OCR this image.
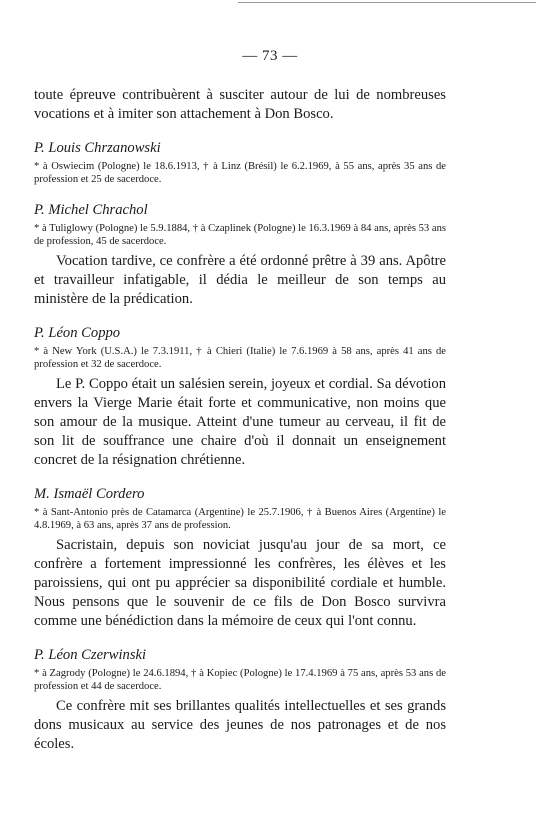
— 73 —

toute épreuve contribuèrent à susciter autour de lui de nombreuses vocations et à imiter son attachement à Don Bosco.

P. Louis Chrzanowski

* à Oswiecim (Pologne) le 18.6.1913, † à Linz (Brésil) le 6.2.1969, à 55 ans, après 35 ans de profession et 25 de sacerdoce.

P. Michel Chrachol

* à Tuliglowy (Pologne) le 5.9.1884, † à Czaplinek (Pologne) le 16.3.1969 à 84 ans, après 53 ans de profession, 45 de sacerdoce.

Vocation tardive, ce confrère a été ordonné prêtre à 39 ans. Apôtre et travailleur infatigable, il dédia le meilleur de son temps au ministère de la prédication.

P. Léon Coppo

* à New York (U.S.A.) le 7.3.1911, † à Chieri (Italie) le 7.6.1969 à 58 ans, après 41 ans de profession et 32 de sacerdoce.

Le P. Coppo était un salésien serein, joyeux et cordial. Sa dévotion envers la Vierge Marie était forte et communicative, non moins que son amour de la musique. Atteint d'une tumeur au cerveau, il fit de son lit de souffrance une chaire d'où il donnait un enseignement concret de la résignation chrétienne.

M. Ismaël Cordero

* à Sant-Antonio près de Catamarca (Argentine) le 25.7.1906, † à Buenos Aires (Argentine) le 4.8.1969, à 63 ans, après 37 ans de profession.

Sacristain, depuis son noviciat jusqu'au jour de sa mort, ce confrère a fortement impressionné les confrères, les élèves et les paroissiens, qui ont pu apprécier sa disponibilité cordiale et humble. Nous pensons que le souvenir de ce fils de Don Bosco survivra comme une bénédiction dans la mémoire de ceux qui l'ont connu.

P. Léon Czerwinski

* à Zagrody (Pologne) le 24.6.1894, † à Kopiec (Pologne) le 17.4.1969 à 75 ans, après 53 ans de profession et 44 de sacerdoce.

Ce confrère mit ses brillantes qualités intellectuelles et ses grands dons musicaux au service des jeunes de nos patronages et de nos écoles.
